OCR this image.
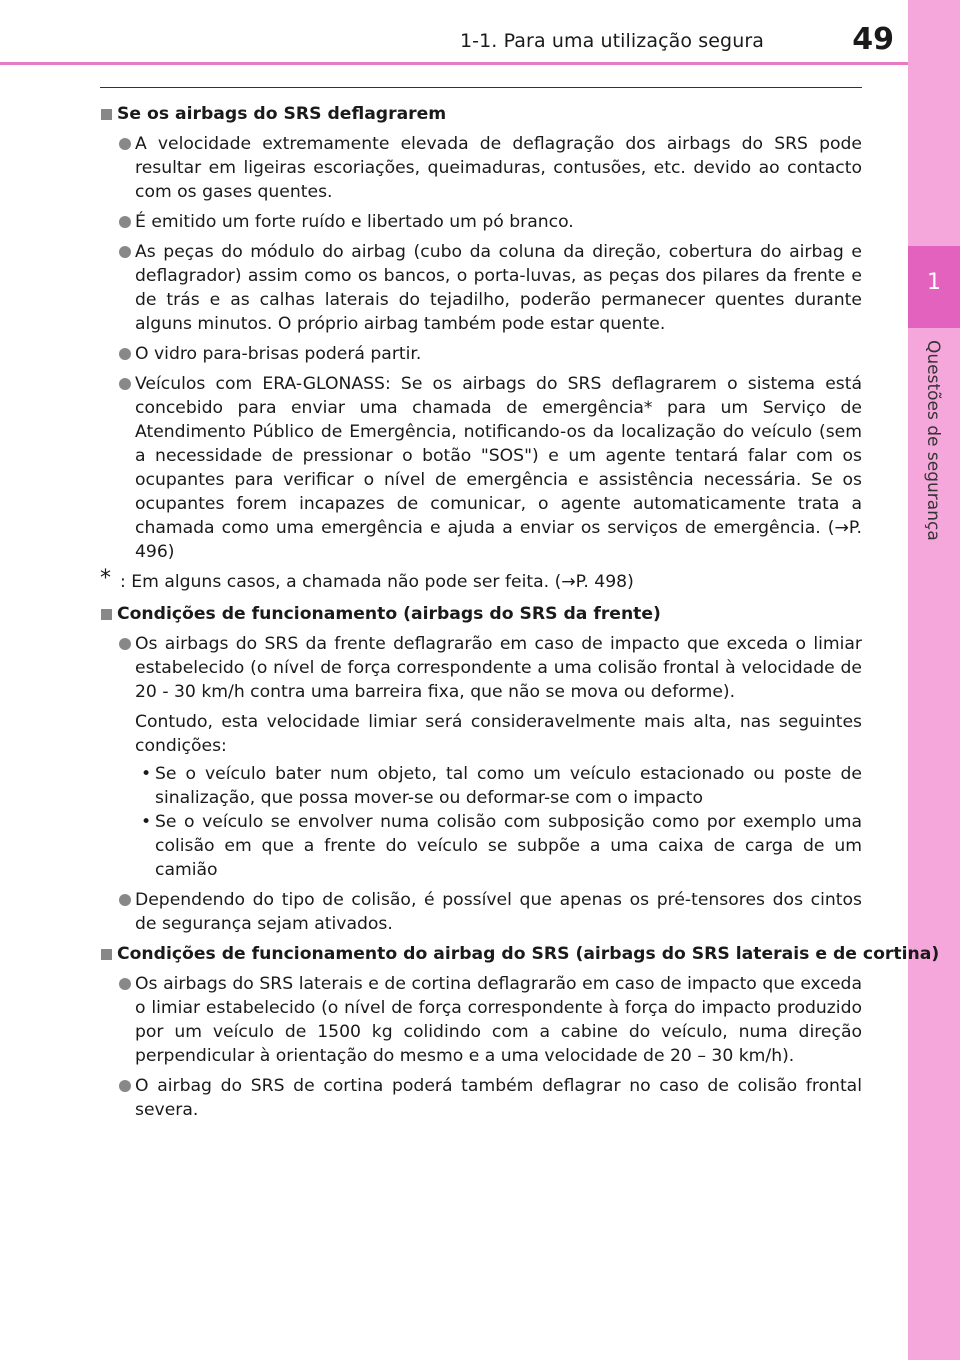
1-1. Para uma utilização segura	49
1
Questões de segurança
Se os airbags do SRS deflagrarem
A velocidade extremamente elevada de deflagração dos airbags do SRS pode resultar em ligeiras escoriações, queimaduras, contusões, etc. devido ao contacto com os gases quentes.
É emitido um forte ruído e libertado um pó branco.
As peças do módulo do airbag (cubo da coluna da direção, cobertura do airbag e deflagrador) assim como os bancos, o porta-luvas, as peças dos pilares da frente e de trás e as calhas laterais do tejadilho, poderão permanecer quentes durante alguns minutos. O próprio airbag também pode estar quente.
O vidro para-brisas poderá partir.
Veículos com ERA-GLONASS: Se os airbags do SRS deflagrarem o sistema está concebido para enviar uma chamada de emergência* para um Serviço de Atendimento Público de Emergência, notificando-os da localização do veículo (sem a necessidade de pressionar o botão "SOS") e um agente tentará falar com os ocupantes para verificar o nível de emergência e assistência necessária. Se os ocupantes forem incapazes de comunicar, o agente automaticamente trata a chamada como uma emergência e ajuda a enviar os serviços de emergência. (→P. 496)
* : Em alguns casos, a chamada não pode ser feita. (→P. 498)
Condições de funcionamento (airbags do SRS da frente)
Os airbags do SRS da frente deflagrarão em caso de impacto que exceda o limiar estabelecido (o nível de força correspondente a uma colisão frontal à velocidade de 20 - 30 km/h contra uma barreira fixa, que não se mova ou deforme).
Contudo, esta velocidade limiar será consideravelmente mais alta, nas seguintes condições:
• Se o veículo bater num objeto, tal como um veículo estacionado ou poste de sinalização, que possa mover-se ou deformar-se com o impacto
• Se o veículo se envolver numa colisão com subposição como por exemplo uma colisão em que a frente do veículo se subpõe a uma caixa de carga de um camião
Dependendo do tipo de colisão, é possível que apenas os pré-tensores dos cintos de segurança sejam ativados.
Condições de funcionamento do airbag do SRS (airbags do SRS laterais e de cortina)
Os airbags do SRS laterais e de cortina deflagrarão em caso de impacto que exceda o limiar estabelecido (o nível de força correspondente à força do impacto produzido por um veículo de 1500 kg colidindo com a cabine do veículo, numa direção perpendicular à orientação do mesmo e a uma velocidade de 20 – 30 km/h).
O airbag do SRS de cortina poderá também deflagrar no caso de colisão frontal severa.
